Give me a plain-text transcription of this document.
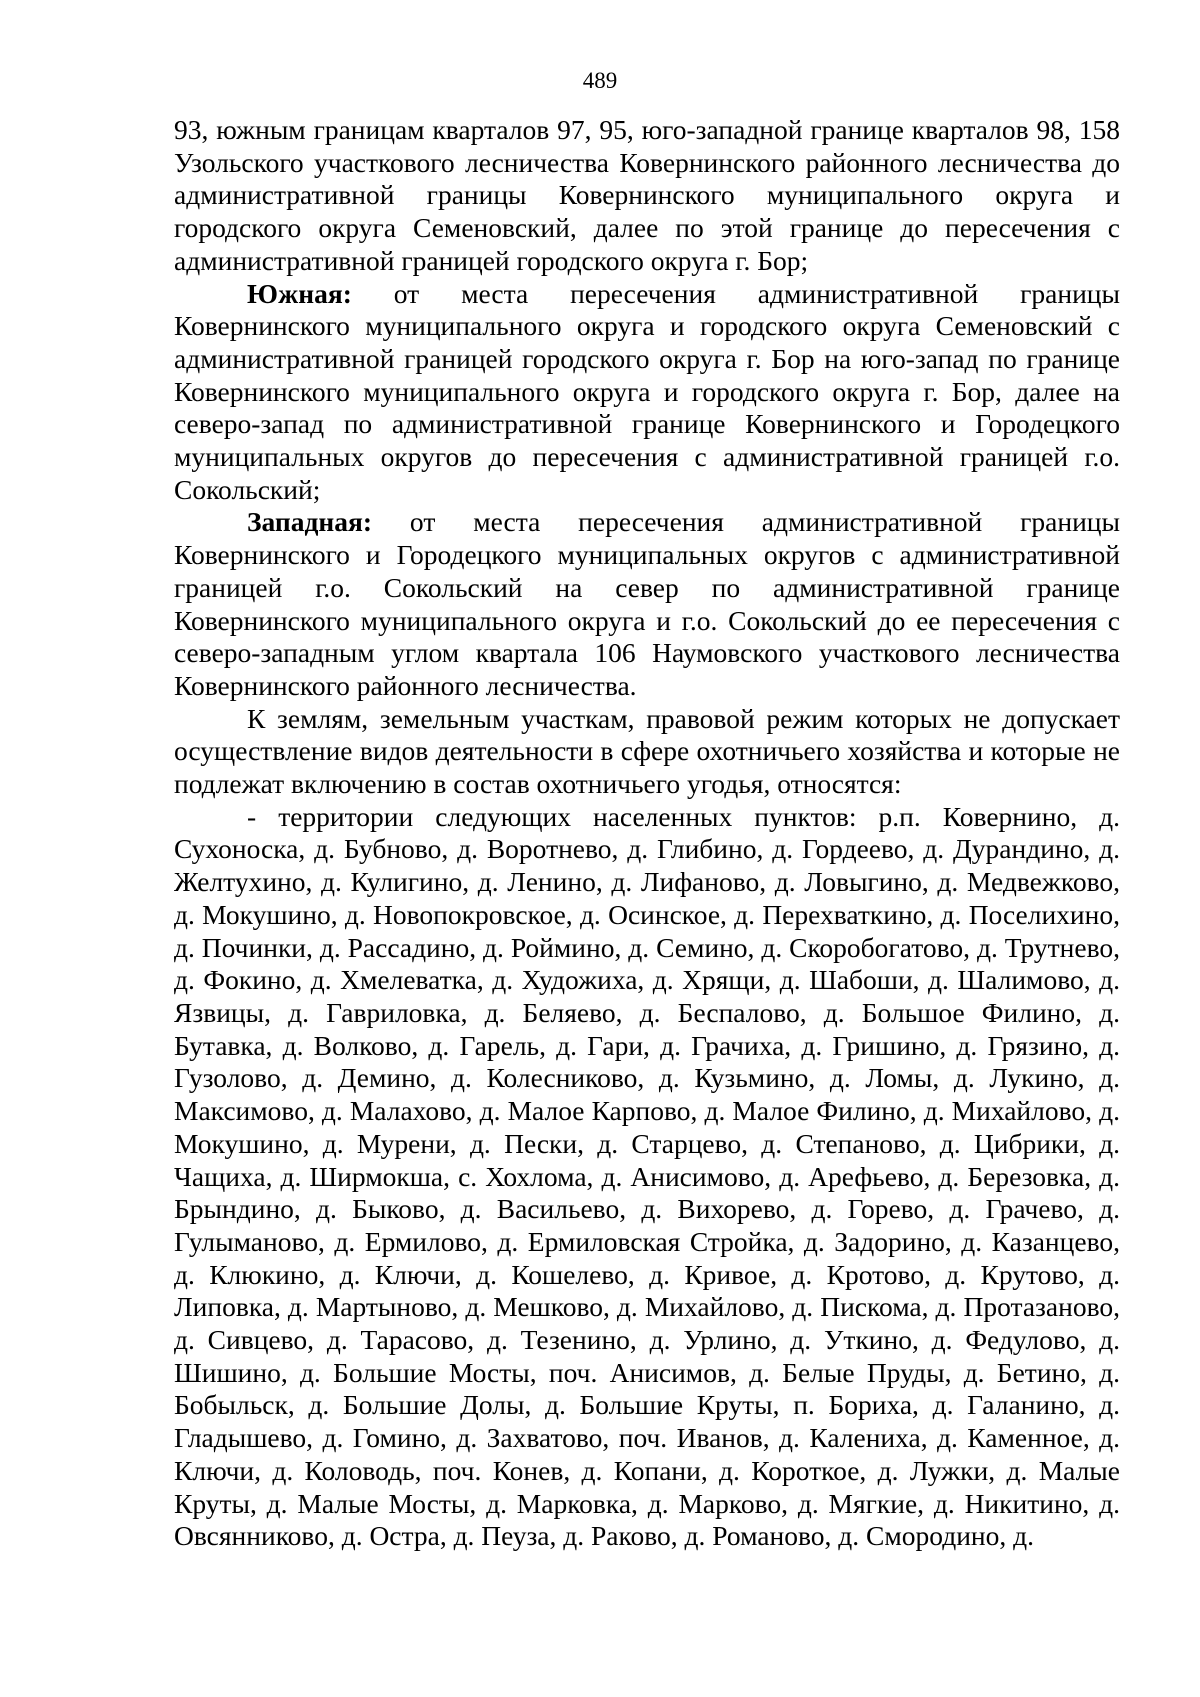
489

93, южным границам кварталов 97, 95, юго-западной границе кварталов 98, 158 Узольского участкового лесничества Ковернинского районного лесничества до административной границы Ковернинского муниципального округа и городского округа Семеновский, далее по этой границе до пересечения с административной границей городского округа г. Бор;

Южная: от места пересечения административной границы Ковернинского муниципального округа и городского округа Семеновский с административной границей городского округа г. Бор на юго-запад по границе Ковернинского муниципального округа и городского округа г. Бор, далее на северо-запад по административной границе Ковернинского и Городецкого муниципальных округов до пересечения с административной границей г.о. Сокольский;

Западная: от места пересечения административной границы Ковернинского и Городецкого муниципальных округов с административной границей г.о. Сокольский на север по административной границе Ковернинского муниципального округа и г.о. Сокольский до ее пересечения с северо-западным углом квартала 106 Наумовского участкового лесничества Ковернинского районного лесничества.

К землям, земельным участкам, правовой режим которых не допускает осуществление видов деятельности в сфере охотничьего хозяйства и которые не подлежат включению в состав охотничьего угодья, относятся:

- территории следующих населенных пунктов: р.п. Ковернино, д. Сухоноска, д. Бубново, д. Воротнево, д. Глибино, д. Гордеево, д. Дурандино, д. Желтухино, д. Кулигино, д. Ленино, д. Лифаново, д. Ловыгино, д. Медвежково, д. Мокушино, д. Новопокровское, д. Осинское, д. Перехваткино, д. Поселихино, д. Починки, д. Рассадино, д. Роймино, д. Семино, д. Скоробогатово, д. Трутнево, д. Фокино, д. Хмелеватка, д. Художиха, д. Хрящи, д. Шабоши, д. Шалимово, д. Язвицы, д. Гавриловка, д. Беляево, д. Беспалово, д. Большое Филино, д. Бутавка, д. Волково, д. Гарель, д. Гари, д. Грачиха, д. Гришино, д. Грязино, д. Гузолово, д. Демино, д. Колесниково, д. Кузьмино, д. Ломы, д. Лукино, д. Максимово, д. Малахово, д. Малое Карпово, д. Малое Филино, д. Михайлово, д. Мокушино, д. Мурени, д. Пески, д. Старцево, д. Степаново, д. Цибрики, д. Чащиха, д. Ширмокша, с. Хохлома, д. Анисимово, д. Арефьево, д. Березовка, д. Брындино, д. Быково, д. Васильево, д. Вихорево, д. Горево, д. Грачево, д. Гулыманово, д. Ермилово, д. Ермиловская Стройка, д. Задорино, д. Казанцево, д. Клюкино, д. Ключи, д. Кошелево, д. Кривое, д. Кротово, д. Крутово, д. Липовка, д. Мартыново, д. Мешково, д. Михайлово, д. Пискома, д. Протазаново, д. Сивцево, д. Тарасово, д. Тезенино, д. Урлино, д. Уткино, д. Федулово, д. Шишино, д. Большие Мосты, поч. Анисимов, д. Белые Пруды, д. Бетино, д. Бобыльск, д. Большие Долы, д. Большие Круты, п. Бориха, д. Галанино, д. Гладышево, д. Гомино, д. Захватово, поч. Иванов, д. Калениха, д. Каменное, д. Ключи, д. Коловодь, поч. Конев, д. Копани, д. Короткое, д. Лужки, д. Малые Круты, д. Малые Мосты, д. Марковка, д. Марково, д. Мягкие, д. Никитино, д. Овсянниково, д. Остра, д. Пеуза, д. Раково, д. Романово, д. Смородино, д.
